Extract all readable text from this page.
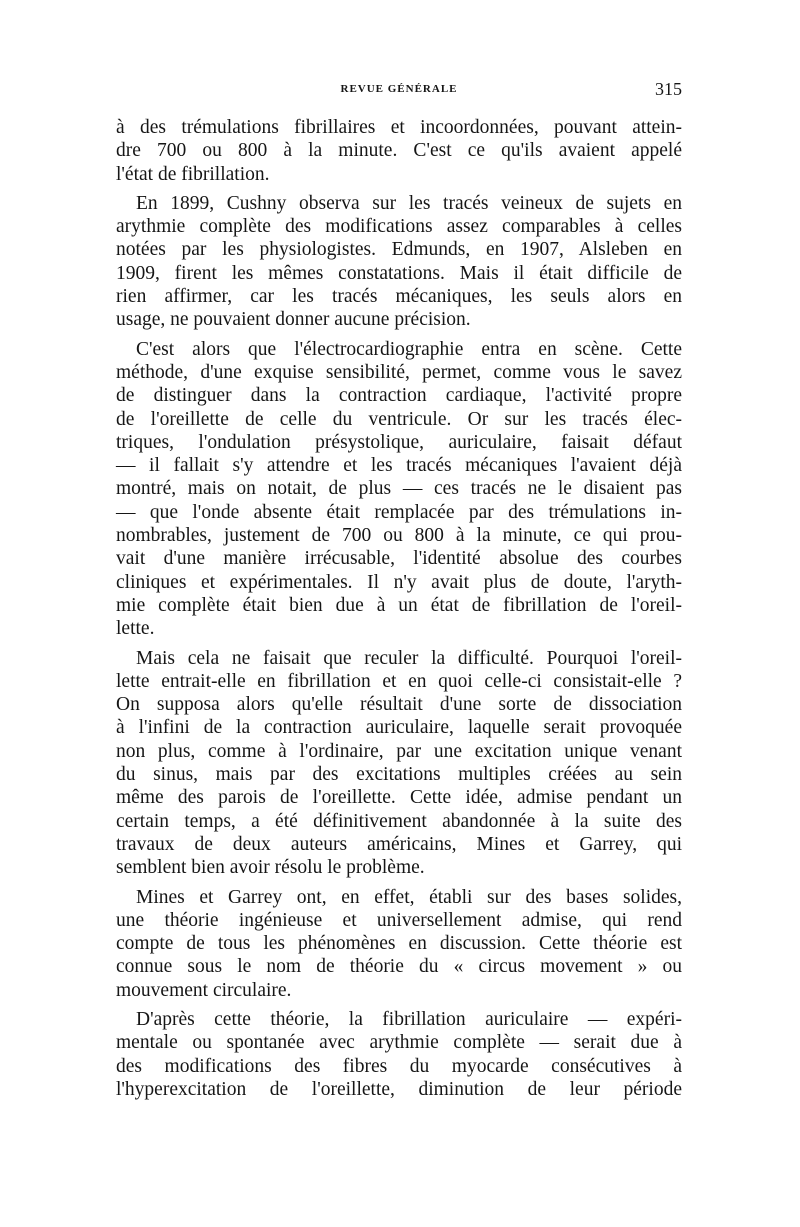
REVUE GÉNÉRALE	315

à des trémulations fibrillaires et incoordonnées, pouvant attein-
dre 700 ou 800 à la minute. C'est ce qu'ils avaient appelé
l'état de fibrillation.

En 1899, Cushny observa sur les tracés veineux de sujets en
arythmie complète des modifications assez comparables à celles
notées par les physiologistes. Edmunds, en 1907, Alsleben en
1909, firent les mêmes constatations. Mais il était difficile de
rien affirmer, car les tracés mécaniques, les seuls alors en
usage, ne pouvaient donner aucune précision.

C'est alors que l'électrocardiographie entra en scène. Cette
méthode, d'une exquise sensibilité, permet, comme vous le savez
de distinguer dans la contraction cardiaque, l'activité propre
de l'oreillette de celle du ventricule. Or sur les tracés élec-
triques, l'ondulation présystolique, auriculaire, faisait défaut
— il fallait s'y attendre et les tracés mécaniques l'avaient déjà
montré, mais on notait, de plus — ces tracés ne le disaient pas
— que l'onde absente était remplacée par des trémulations in-
nombrables, justement de 700 ou 800 à la minute, ce qui prou-
vait d'une manière irrécusable, l'identité absolue des courbes
cliniques et expérimentales. Il n'y avait plus de doute, l'aryth-
mie complète était bien due à un état de fibrillation de l'oreil-
lette.

Mais cela ne faisait que reculer la difficulté. Pourquoi l'oreil-
lette entrait-elle en fibrillation et en quoi celle-ci consistait-elle ?
On supposa alors qu'elle résultait d'une sorte de dissociation
à l'infini de la contraction auriculaire, laquelle serait provoquée
non plus, comme à l'ordinaire, par une excitation unique venant
du sinus, mais par des excitations multiples créées au sein
même des parois de l'oreillette. Cette idée, admise pendant un
certain temps, a été définitivement abandonnée à la suite des
travaux de deux auteurs américains, Mines et Garrey, qui
semblent bien avoir résolu le problème.

Mines et Garrey ont, en effet, établi sur des bases solides,
une théorie ingénieuse et universellement admise, qui rend
compte de tous les phénomènes en discussion. Cette théorie est
connue sous le nom de théorie du « circus movement » ou
mouvement circulaire.

D'après cette théorie, la fibrillation auriculaire — expéri-
mentale ou spontanée avec arythmie complète — serait due à
des modifications des fibres du myocarde consécutives à
l'hyperexcitation de l'oreillette, diminution de leur période
